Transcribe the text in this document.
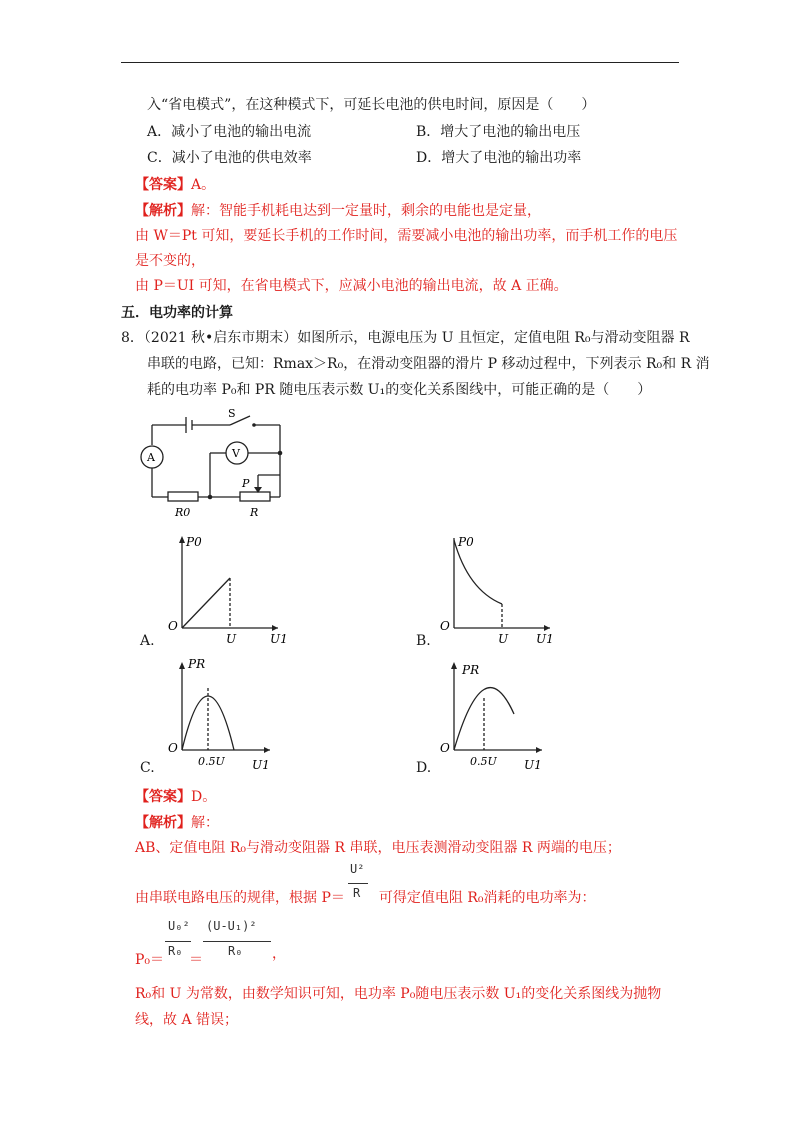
入“省电模式”，在这种模式下，可延长电池的供电时间，原因是（　　）
A．减小了电池的输出电流	B．增大了电池的输出电压
C．减小了电池的供电效率	D．增大了电池的输出功率
【答案】A。
【解析】解：智能手机耗电达到一定量时，剩余的电能也是定量，
由 W＝Pt 可知，要延长手机的工作时间，需要减小电池的输出功率，而手机工作的电压
是不变的，
由 P＝UI 可知，在省电模式下，应减小电池的输出电流，故 A 正确。
五．电功率的计算
8．（2021 秋•启东市期末）如图所示，电源电压为 U 且恒定，定值电阻 R₀与滑动变阻器 R
串联的电路，已知：Rmax＞R₀，在滑动变阻器的滑片 P 移动过程中，下列表示 R₀和 R 消
耗的电功率 P₀和 PR 随电压表示数 U₁的变化关系图线中，可能正确的是（　　）
S
A	V
P
R0	R
P0
O
U	U1
A.
P0
O
U U1
B.
PR
O
0.5U U1
C.
PR
O
0.5U U1
D.
【答案】D。
【解析】解：
AB、定值电阻 R₀与滑动变阻器 R 串联，电压表测滑动变阻器 R 两端的电压；
U²
R
由串联电路电压的规律，根据 P＝ 可得定值电阻 R₀消耗的电功率为：
U₀²
R₀
(U-U₁)²
R₀
P₀＝ ＝	，
R₀和 U 为常数，由数学知识可知，电功率 P₀随电压表示数 U₁的变化关系图线为抛物
线，故 A 错误；
